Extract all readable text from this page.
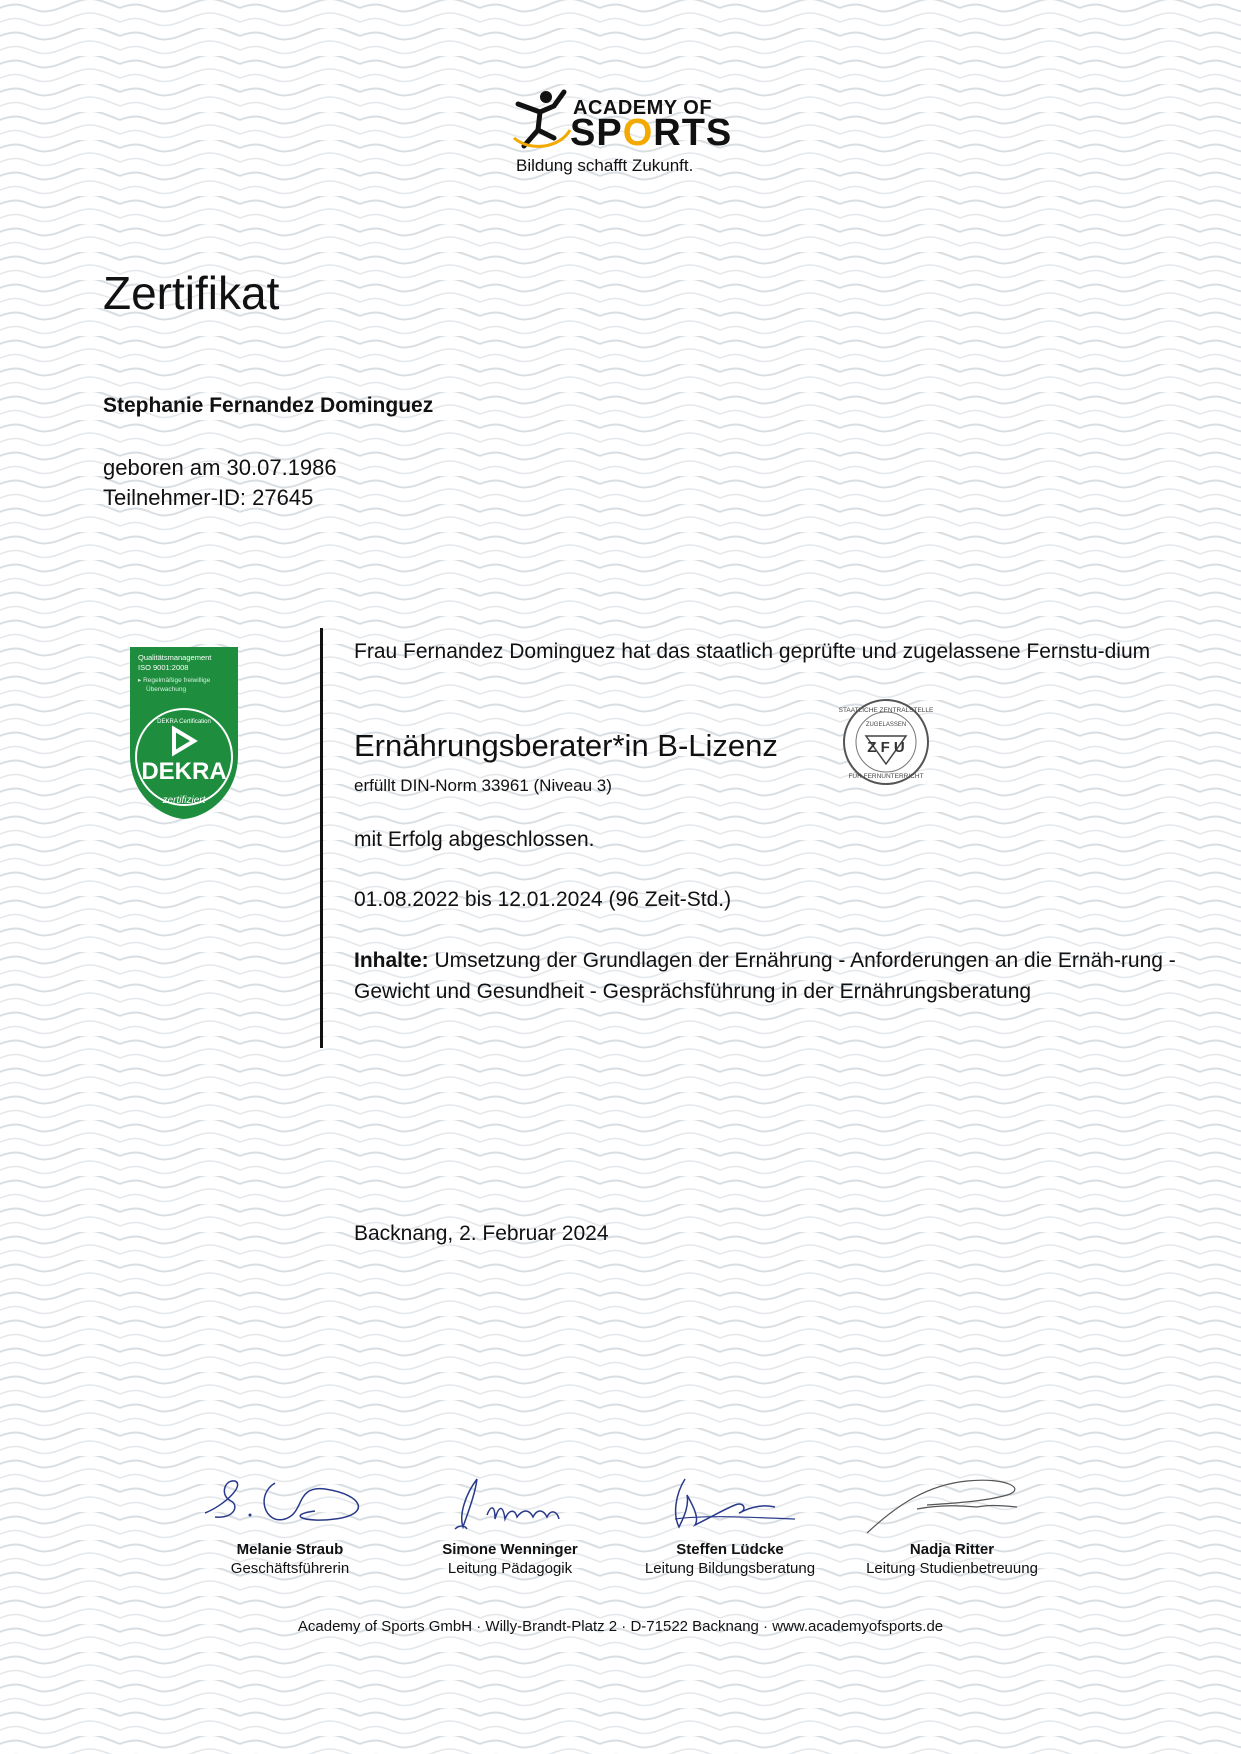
ACADEMY OF
SPORTS
Bildung schafft Zukunft.
Zertifikat
Stephanie Fernandez Dominguez
geboren am 30.07.1986
Teilnehmer-ID: 27645
Qualitätsmanagement
ISO 9001:2008
▸ Regelmäßige freiwillige
Überwachung
DEKRA Certification
DEKRA
zertifiziert
Frau Fernandez Dominguez hat das staatlich geprüfte und zugelassene Fernstu-dium
Ernährungsberater*in B-Lizenz
erfüllt DIN-Norm 33961 (Niveau 3)
STAATLICHE ZENTRALSTELLE
FÜR FERNUNTERRICHT
ZUGELASSEN
Z F U
mit Erfolg abgeschlossen.
01.08.2022 bis 12.01.2024 (96 Zeit-Std.)
Inhalte: Umsetzung der Grundlagen der Ernährung - Anforderungen an die Ernäh-rung - Gewicht und Gesundheit - Gesprächsführung in der Ernährungsberatung
Backnang, 2. Februar 2024
Melanie Straub
Geschäftsführerin
Simone Wenninger
Leitung Pädagogik
Steffen Lüdcke
Leitung Bildungsberatung
Nadja Ritter
Leitung Studienbetreuung
Academy of Sports GmbH · Willy-Brandt-Platz 2 · D-71522 Backnang · www.academyofsports.de
